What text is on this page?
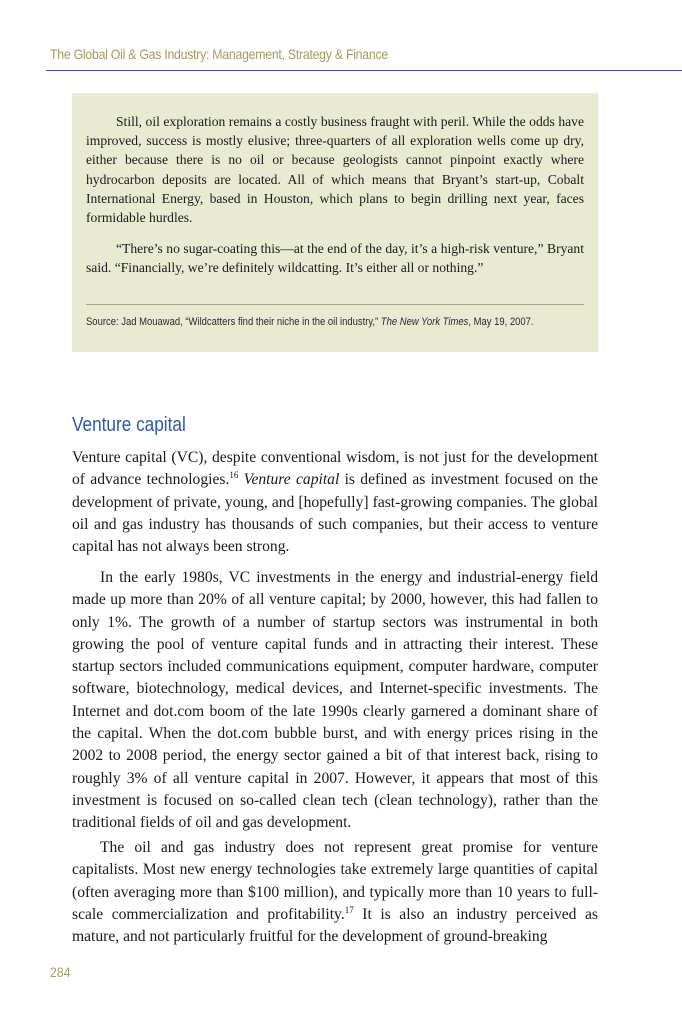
The Global Oil & Gas Industry: Management, Strategy & Finance

Still, oil exploration remains a costly business fraught with peril. While the odds have improved, success is mostly elusive; three-quarters of all exploration wells come up dry, either because there is no oil or because geologists cannot pinpoint exactly where hydrocarbon deposits are located. All of which means that Bryant’s start-up, Cobalt International Energy, based in Houston, which plans to begin drilling next year, faces formidable hurdles.

“There’s no sugar-coating this—at the end of the day, it’s a high-risk venture,” Bryant said. “Financially, we’re definitely wildcatting. It’s either all or nothing.”

Source: Jad Mouawad, “Wildcatters find their niche in the oil industry,” The New York Times, May 19, 2007.
Venture capital

Venture capital (VC), despite conventional wisdom, is not just for the development of advance technologies.$^{16}$ Venture capital is defined as investment focused on the development of private, young, and [hopefully] fast-growing companies. The global oil and gas industry has thousands of such companies, but their access to venture capital has not always been strong.

In the early 1980s, VC investments in the energy and industrial-energy field made up more than 20% of all venture capital; by 2000, however, this had fallen to only 1%. The growth of a number of startup sectors was instrumental in both growing the pool of venture capital funds and in attracting their interest. These startup sectors included communications equipment, computer hardware, computer software, biotechnology, medical devices, and Internet-specific investments. The Internet and dot.com boom of the late 1990s clearly garnered a dominant share of the capital. When the dot.com bubble burst, and with energy prices rising in the 2002 to 2008 period, the energy sector gained a bit of that interest back, rising to roughly 3% of all venture capital in 2007. However, it appears that most of this investment is focused on so-called clean tech (clean technology), rather than the traditional fields of oil and gas development.

The oil and gas industry does not represent great promise for venture capitalists. Most new energy technologies take extremely large quantities of capital (often averaging more than $100 million), and typically more than 10 years to full-scale commercialization and profitability.$^{17}$ It is also an industry perceived as mature, and not particularly fruitful for the development of ground-breaking

284
